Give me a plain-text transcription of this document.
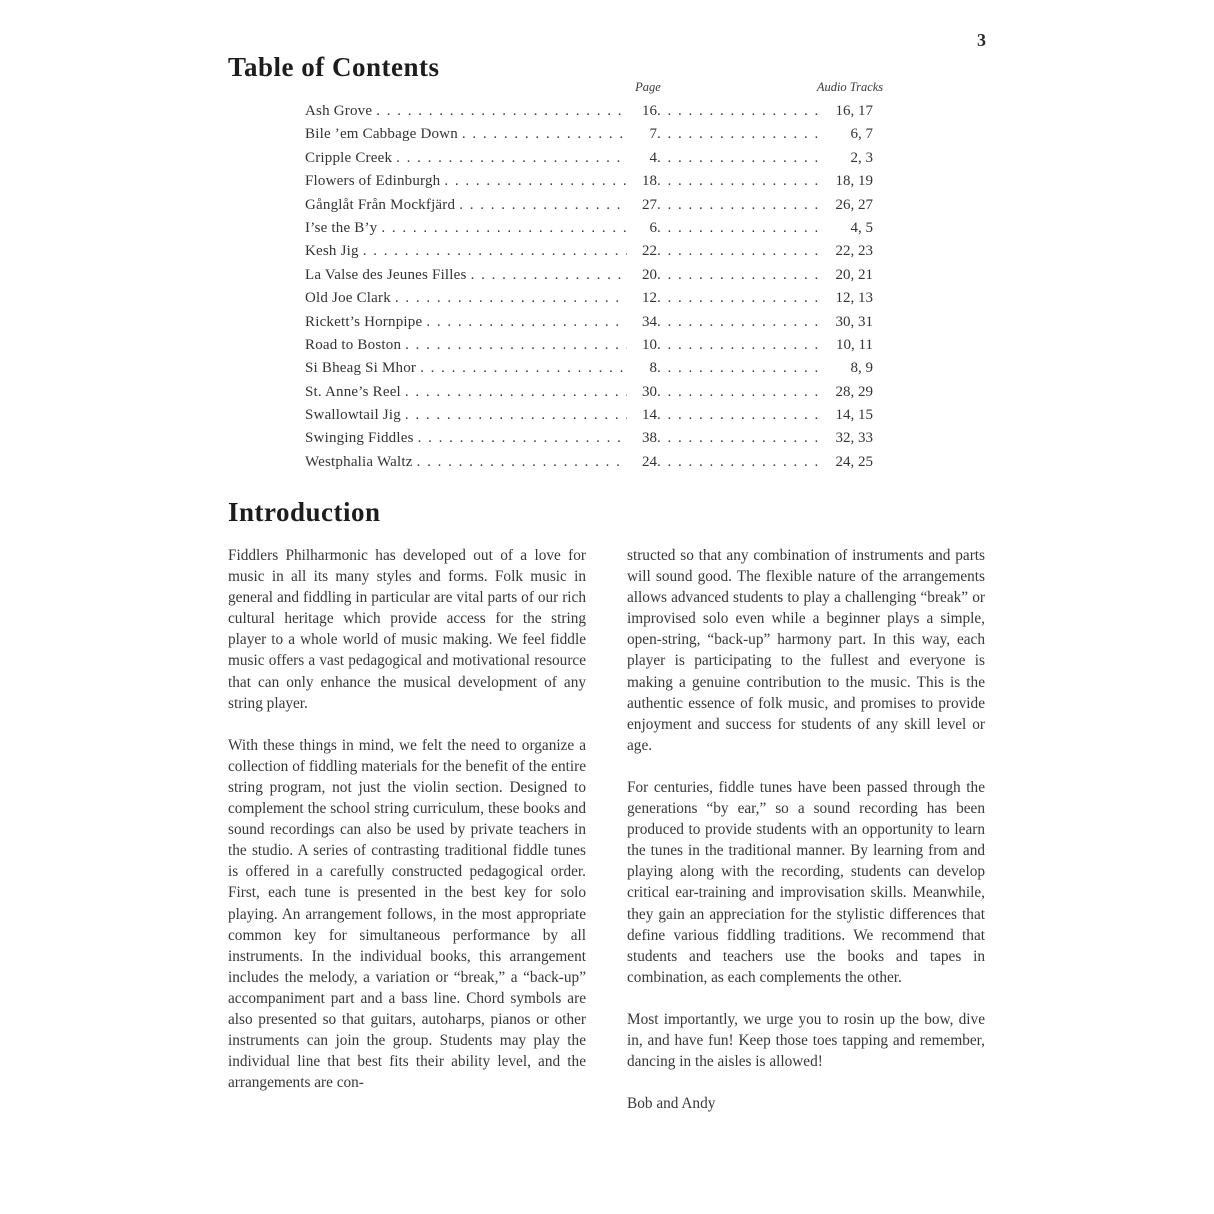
3
Table of Contents
Page	Audio Tracks
Ash Grove . . .	16 . . .	16, 17
Bile ’em Cabbage Down . . .	7 . . .	6, 7
Cripple Creek . . .	4 . . .	2, 3
Flowers of Edinburgh . . .	18 . . .	18, 19
Gånglåt Från Mockfjärd . . .	27 . . .	26, 27
I’se the B’y . . .	6 . . .	4, 5
Kesh Jig . . .	22 . . .	22, 23
La Valse des Jeunes Filles . . .	20 . . .	20, 21
Old Joe Clark . . .	12 . . .	12, 13
Rickett’s Hornpipe . . .	34 . . .	30, 31
Road to Boston . . .	10 . . .	10, 11
Si Bheag Si Mhor . . .	8 . . .	8, 9
St. Anne’s Reel . . .	30 . . .	28, 29
Swallowtail Jig . . .	14 . . .	14, 15
Swinging Fiddles . . .	38 . . .	32, 33
Westphalia Waltz . . .	24 . . .	24, 25
Introduction

Fiddlers Philharmonic has developed out of a love for music in all its many styles and forms. Folk music in general and fiddling in particular are vital parts of our rich cultural heritage which provide access for the string player to a whole world of music making. We feel fiddle music offers a vast pedagogical and motivational resource that can only enhance the musical development of any string player.

With these things in mind, we felt the need to organize a collection of fiddling materials for the benefit of the entire string program, not just the violin section. Designed to complement the school string curriculum, these books and sound recordings can also be used by private teachers in the studio. A series of contrasting traditional fiddle tunes is offered in a carefully constructed pedagogical order. First, each tune is presented in the best key for solo playing. An arrangement follows, in the most appropriate common key for simultaneous performance by all instruments. In the individual books, this arrangement includes the melody, a variation or “break,” a “back-up” accompaniment part and a bass line. Chord symbols are also presented so that guitars, autoharps, pianos or other instruments can join the group. Students may play the individual line that best fits their ability level, and the arrangements are con-

structed so that any combination of instruments and parts will sound good. The flexible nature of the arrangements allows advanced students to play a challenging “break” or improvised solo even while a beginner plays a simple, open-string, “back-up” harmony part. In this way, each player is participating to the fullest and everyone is making a genuine contribution to the music. This is the authentic essence of folk music, and promises to provide enjoyment and success for students of any skill level or age.

For centuries, fiddle tunes have been passed through the generations “by ear,” so a sound recording has been produced to provide students with an opportunity to learn the tunes in the traditional manner. By learning from and playing along with the recording, students can develop critical ear-training and improvisation skills. Meanwhile, they gain an appreciation for the stylistic differences that define various fiddling traditions. We recommend that students and teachers use the books and tapes in combination, as each complements the other.

Most importantly, we urge you to rosin up the bow, dive in, and have fun! Keep those toes tapping and remember, dancing in the aisles is allowed!

Bob and Andy
